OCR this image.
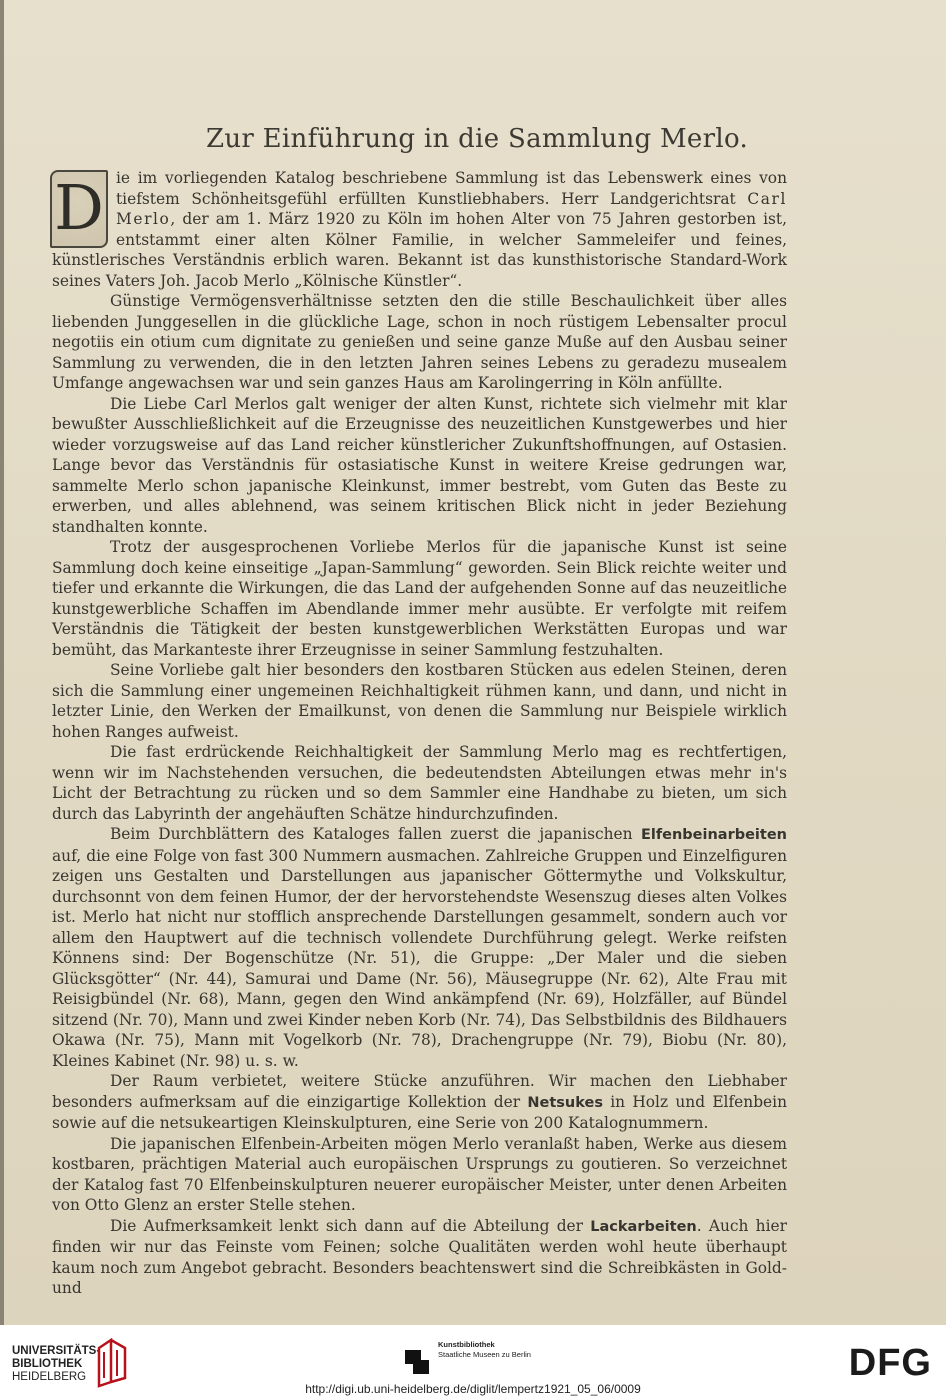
Zur Einführung in die Sammlung Merlo.

D ie im vorliegenden Katalog beschriebene Sammlung ist das Lebenswerk eines von tiefstem Schönheitsgefühl erfüllten Kunstliebhabers. Herr Landgerichtsrat Carl Merlo, der am 1. März 1920 zu Köln im hohen Alter von 75 Jahren gestorben ist, entstammt einer alten Kölner Familie, in welcher Sammeleifer und feines, künstlerisches Verständnis erblich waren. Bekannt ist das kunsthistorische Standard-Work seines Vaters Joh. Jacob Merlo „Kölnische Künstler“.

Günstige Vermögensverhältnisse setzten den die stille Beschaulichkeit über alles liebenden Junggesellen in die glückliche Lage, schon in noch rüstigem Lebensalter procul negotiis ein otium cum dignitate zu genießen und seine ganze Muße auf den Ausbau seiner Sammlung zu verwenden, die in den letzten Jahren seines Lebens zu geradezu musealem Umfange angewachsen war und sein ganzes Haus am Karolingerring in Köln anfüllte.

Die Liebe Carl Merlos galt weniger der alten Kunst, richtete sich vielmehr mit klar bewußter Ausschließlichkeit auf die Erzeugnisse des neuzeitlichen Kunstgewerbes und hier wieder vorzugsweise auf das Land reicher künstlericher Zukunftshoffnungen, auf Ostasien. Lange bevor das Verständnis für ostasiatische Kunst in weitere Kreise gedrungen war, sammelte Merlo schon japanische Kleinkunst, immer bestrebt, vom Guten das Beste zu erwerben, und alles ablehnend, was seinem kritischen Blick nicht in jeder Beziehung standhalten konnte.

Trotz der ausgesprochenen Vorliebe Merlos für die japanische Kunst ist seine Sammlung doch keine einseitige „Japan-Sammlung“ geworden. Sein Blick reichte weiter und tiefer und erkannte die Wirkungen, die das Land der aufgehenden Sonne auf das neuzeitliche kunstgewerbliche Schaffen im Abendlande immer mehr ausübte. Er verfolgte mit reifem Verständnis die Tätigkeit der besten kunstgewerblichen Werkstätten Europas und war bemüht, das Markanteste ihrer Erzeugnisse in seiner Sammlung festzuhalten.

Seine Vorliebe galt hier besonders den kostbaren Stücken aus edelen Steinen, deren sich die Sammlung einer ungemeinen Reichhaltigkeit rühmen kann, und dann, und nicht in letzter Linie, den Werken der Emailkunst, von denen die Sammlung nur Beispiele wirklich hohen Ranges aufweist.

Die fast erdrückende Reichhaltigkeit der Sammlung Merlo mag es rechtfertigen, wenn wir im Nachstehenden versuchen, die bedeutendsten Abteilungen etwas mehr in's Licht der Betrachtung zu rücken und so dem Sammler eine Handhabe zu bieten, um sich durch das Labyrinth der angehäuften Schätze hindurchzufinden.

Beim Durchblättern des Kataloges fallen zuerst die japanischen Elfenbeinarbeiten auf, die eine Folge von fast 300 Nummern ausmachen. Zahlreiche Gruppen und Einzelfiguren zeigen uns Gestalten und Darstellungen aus japanischer Göttermythe und Volkskultur, durchsonnt von dem feinen Humor, der der hervorstehendste Wesenszug dieses alten Volkes ist. Merlo hat nicht nur stofflich ansprechende Darstellungen gesammelt, sondern auch vor allem den Hauptwert auf die technisch vollendete Durchführung gelegt. Werke reifsten Könnens sind: Der Bogenschütze (Nr. 51), die Gruppe: „Der Maler und die sieben Glücksgötter“ (Nr. 44), Samurai und Dame (Nr. 56), Mäusegruppe (Nr. 62), Alte Frau mit Reisigbündel (Nr. 68), Mann, gegen den Wind ankämpfend (Nr. 69), Holzfäller, auf Bündel sitzend (Nr. 70), Mann und zwei Kinder neben Korb (Nr. 74), Das Selbstbildnis des Bildhauers Okawa (Nr. 75), Mann mit Vogelkorb (Nr. 78), Drachengruppe (Nr. 79), Biobu (Nr. 80), Kleines Kabinet (Nr. 98) u. s. w.

Der Raum verbietet, weitere Stücke anzuführen. Wir machen den Liebhaber besonders aufmerksam auf die einzigartige Kollektion der Netsukes in Holz und Elfenbein sowie auf die netsukeartigen Kleinskulpturen, eine Serie von 200 Katalognummern.

Die japanischen Elfenbein-Arbeiten mögen Merlo veranlaßt haben, Werke aus diesem kostbaren, prächtigen Material auch europäischen Ursprungs zu goutieren. So verzeichnet der Katalog fast 70 Elfenbeinskulpturen neuerer europäischer Meister, unter denen Arbeiten von Otto Glenz an erster Stelle stehen.

Die Aufmerksamkeit lenkt sich dann auf die Abteilung der Lackarbeiten. Auch hier finden wir nur das Feinste vom Feinen; solche Qualitäten werden wohl heute überhaupt kaum noch zum Angebot gebracht. Besonders beachtenswert sind die Schreibkästen in Gold- und

UNIVERSITÄTS-
BIBLIOTHEK
HEIDELBERG
Kunstbibliothek
Staatliche Museen zu Berlin	DFG
http://digi.ub.uni-heidelberg.de/diglit/lempertz1921_05_06/0009
